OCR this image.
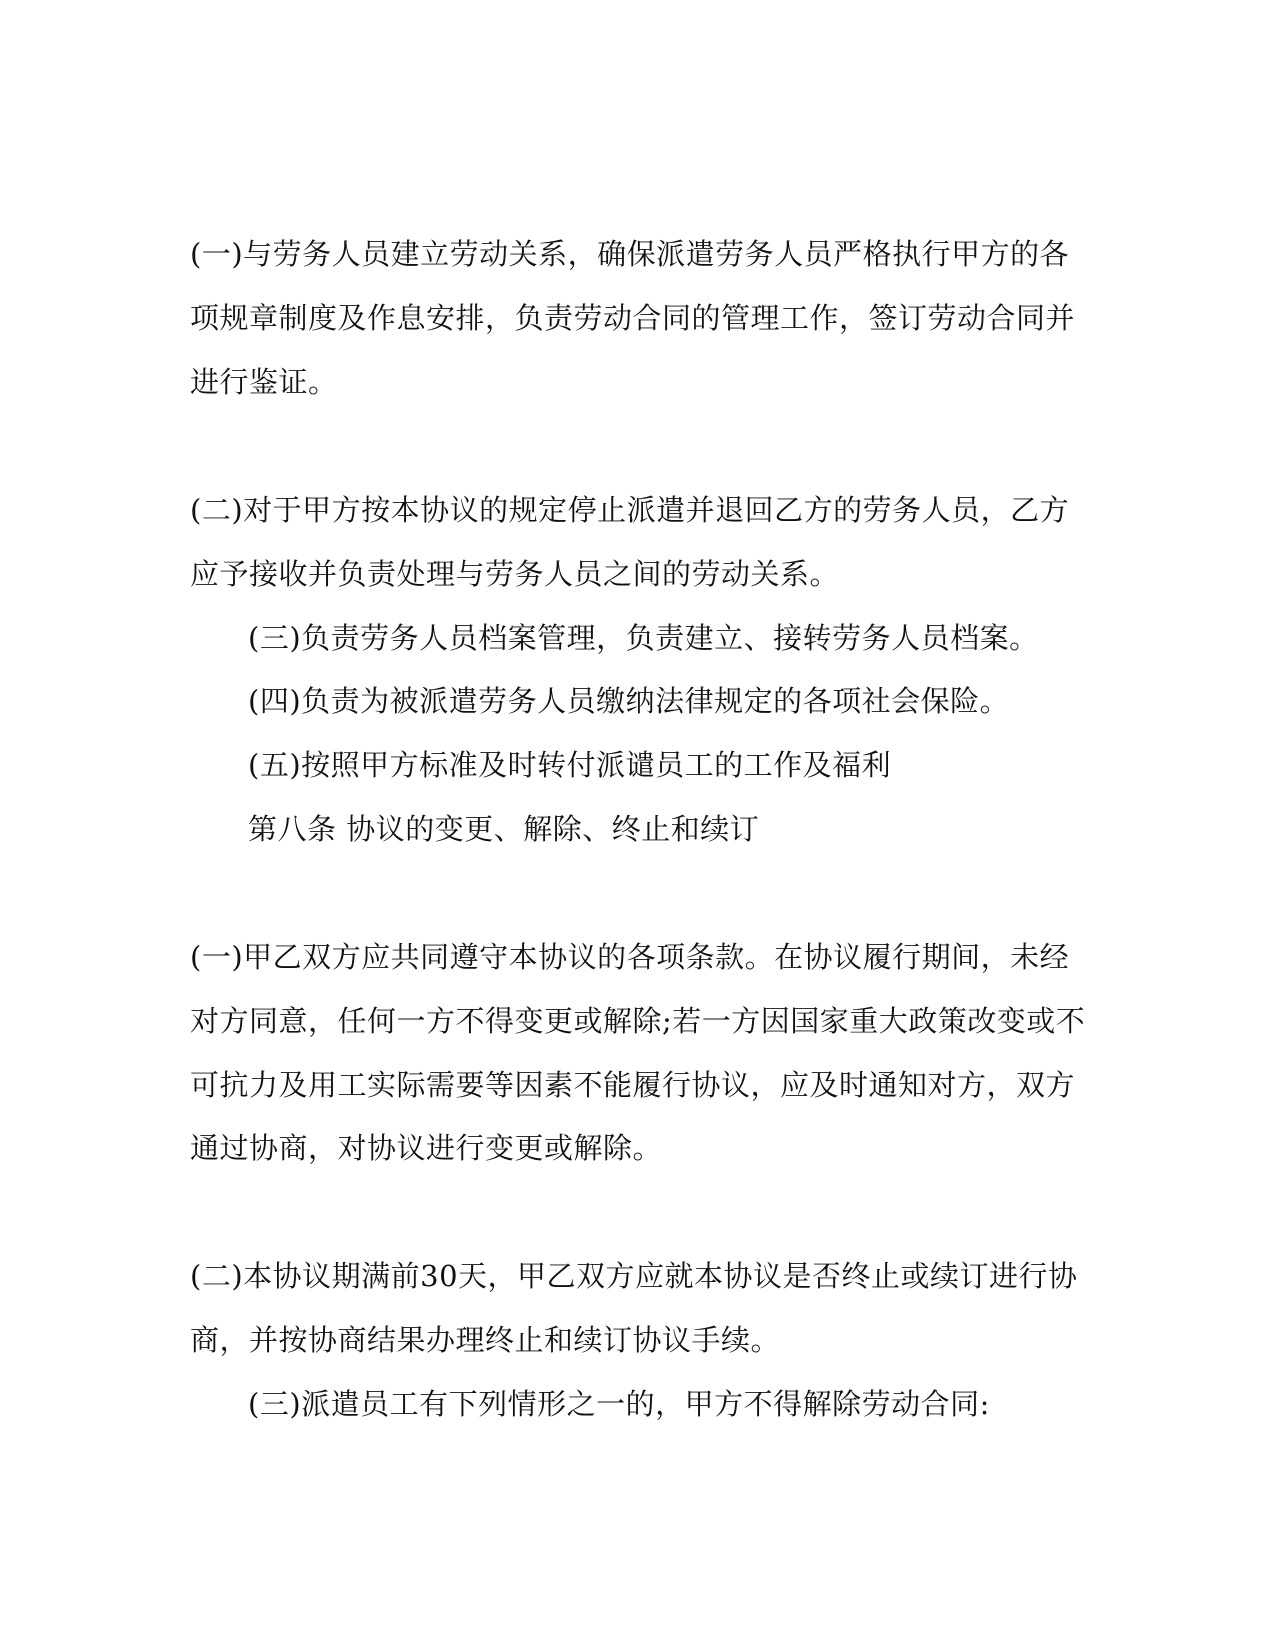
(一)与劳务人员建立劳动关系，确保派遣劳务人员严格执行甲方的各
项规章制度及作息安排，负责劳动合同的管理工作，签订劳动合同并
进行鉴证。
(二)对于甲方按本协议的规定停止派遣并退回乙方的劳务人员，乙方
应予接收并负责处理与劳务人员之间的劳动关系。
(三)负责劳务人员档案管理，负责建立、接转劳务人员档案。
(四)负责为被派遣劳务人员缴纳法律规定的各项社会保险。
(五)按照甲方标准及时转付派谴员工的工作及福利
第八条 协议的变更、解除、终止和续订
(一)甲乙双方应共同遵守本协议的各项条款。在协议履行期间，未经
对方同意，任何一方不得变更或解除;若一方因国家重大政策改变或不
可抗力及用工实际需要等因素不能履行协议，应及时通知对方，双方
通过协商，对协议进行变更或解除。
(二)本协议期满前30天，甲乙双方应就本协议是否终止或续订进行协
商，并按协商结果办理终止和续订协议手续。
(三)派遣员工有下列情形之一的，甲方不得解除劳动合同:
